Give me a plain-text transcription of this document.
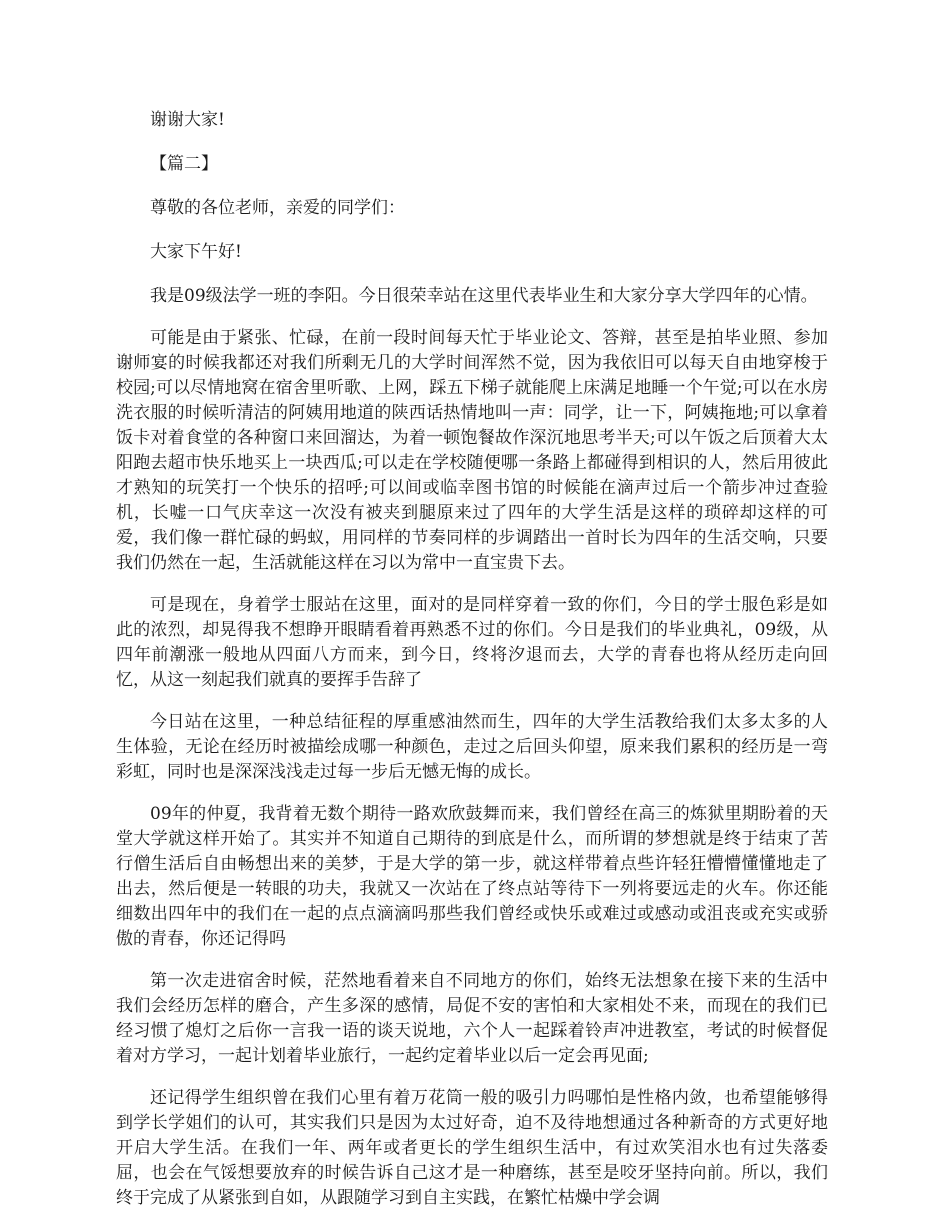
谢谢大家!

【篇二】

尊敬的各位老师，亲爱的同学们：

大家下午好!

我是09级法学一班的李阳。今日很荣幸站在这里代表毕业生和大家分享大学四年的心情。

可能是由于紧张、忙碌，在前一段时间每天忙于毕业论文、答辩，甚至是拍毕业照、参加谢师宴的时候我都还对我们所剩无几的大学时间浑然不觉，因为我依旧可以每天自由地穿梭于校园;可以尽情地窝在宿舍里听歌、上网，踩五下梯子就能爬上床满足地睡一个午觉;可以在水房洗衣服的时候听清洁的阿姨用地道的陕西话热情地叫一声：同学，让一下，阿姨拖地;可以拿着饭卡对着食堂的各种窗口来回溜达，为着一顿饱餐故作深沉地思考半天;可以午饭之后顶着大太阳跑去超市快乐地买上一块西瓜;可以走在学校随便哪一条路上都碰得到相识的人，然后用彼此才熟知的玩笑打一个快乐的招呼;可以间或临幸图书馆的时候能在滴声过后一个箭步冲过查验机，长嘘一口气庆幸这一次没有被夹到腿原来过了四年的大学生活是这样的琐碎却这样的可爱，我们像一群忙碌的蚂蚁，用同样的节奏同样的步调踏出一首时长为四年的生活交响，只要我们仍然在一起，生活就能这样在习以为常中一直宝贵下去。

可是现在，身着学士服站在这里，面对的是同样穿着一致的你们，今日的学士服色彩是如此的浓烈，却晃得我不想睁开眼睛看着再熟悉不过的你们。今日是我们的毕业典礼，09级，从四年前潮涨一般地从四面八方而来，到今日，终将汐退而去，大学的青春也将从经历走向回忆，从这一刻起我们就真的要挥手告辞了

今日站在这里，一种总结征程的厚重感油然而生，四年的大学生活教给我们太多太多的人生体验，无论在经历时被描绘成哪一种颜色，走过之后回头仰望，原来我们累积的经历是一弯彩虹，同时也是深深浅浅走过每一步后无憾无悔的成长。

09年的仲夏，我背着无数个期待一路欢欣鼓舞而来，我们曾经在高三的炼狱里期盼着的天堂大学就这样开始了。其实并不知道自己期待的到底是什么，而所谓的梦想就是终于结束了苦行僧生活后自由畅想出来的美梦，于是大学的第一步，就这样带着点些许轻狂懵懵懂懂地走了出去，然后便是一转眼的功夫，我就又一次站在了终点站等待下一列将要远走的火车。你还能细数出四年中的我们在一起的点点滴滴吗那些我们曾经或快乐或难过或感动或沮丧或充实或骄傲的青春，你还记得吗

第一次走进宿舍时候，茫然地看着来自不同地方的你们，始终无法想象在接下来的生活中我们会经历怎样的磨合，产生多深的感情，局促不安的害怕和大家相处不来，而现在的我们已经习惯了熄灯之后你一言我一语的谈天说地，六个人一起踩着铃声冲进教室，考试的时候督促着对方学习，一起计划着毕业旅行，一起约定着毕业以后一定会再见面;

还记得学生组织曾在我们心里有着万花筒一般的吸引力吗哪怕是性格内敛，也希望能够得到学长学姐们的认可，其实我们只是因为太过好奇，迫不及待地想通过各种新奇的方式更好地开启大学生活。在我们一年、两年或者更长的学生组织生活中，有过欢笑泪水也有过失落委屈，也会在气馁想要放弃的时候告诉自己这才是一种磨练，甚至是咬牙坚持向前。所以，我们终于完成了从紧张到自如，从跟随学习到自主实践，在繁忙枯燥中学会调
